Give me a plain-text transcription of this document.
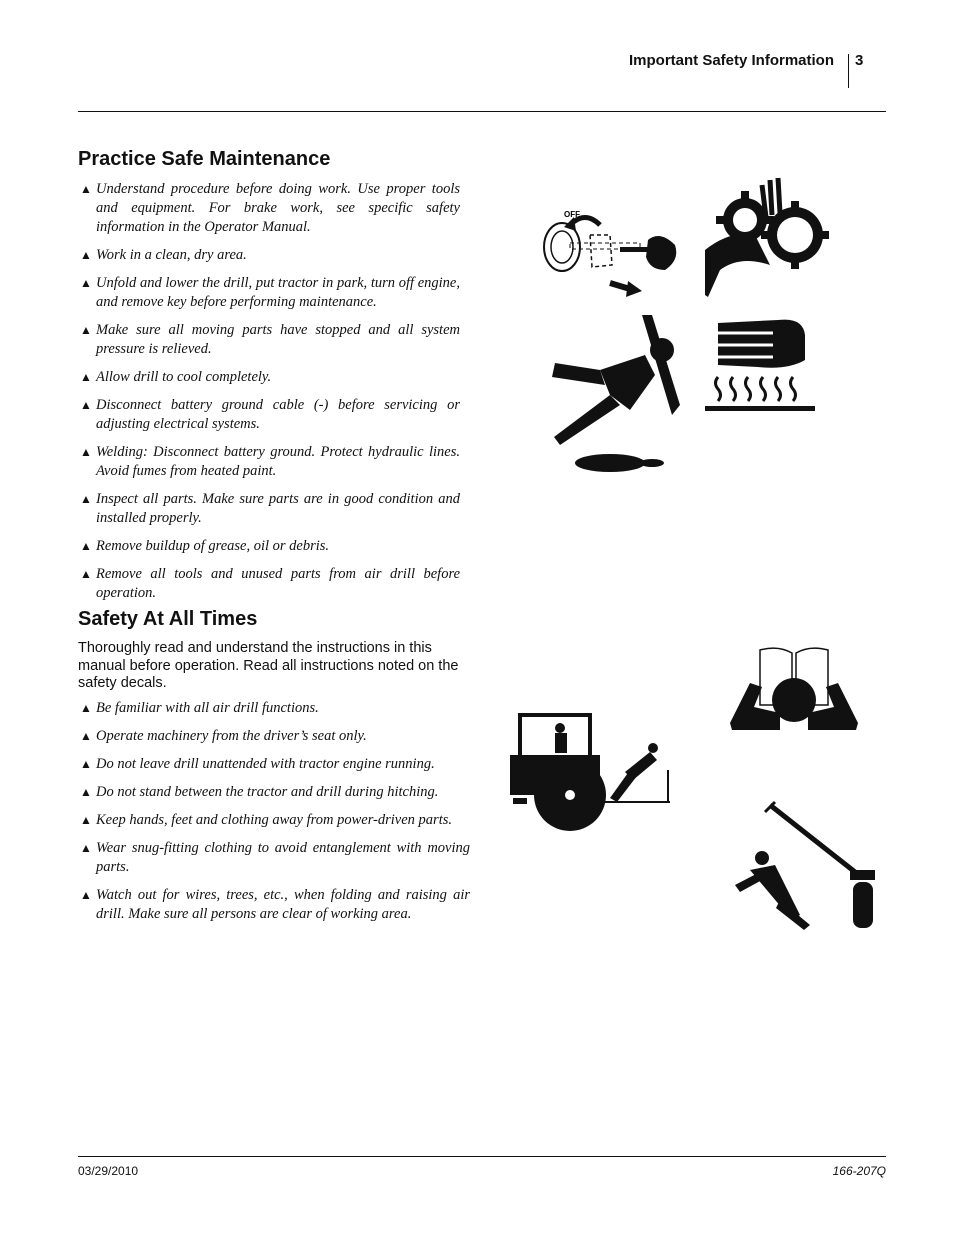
Important Safety Information 3
Practice Safe Maintenance
▲ Understand procedure before doing work. Use proper tools and equipment. For brake work, see specific safety information in the Operator Manual.
▲ Work in a clean, dry area.
▲ Unfold and lower the drill, put tractor in park, turn off engine, and remove key before performing maintenance.
▲ Make sure all moving parts have stopped and all system pressure is relieved.
▲ Allow drill to cool completely.
▲ Disconnect battery ground cable (-) before servicing or adjusting electrical systems.
▲ Welding: Disconnect battery ground. Protect hydraulic lines. Avoid fumes from heated paint.
▲ Inspect all parts. Make sure parts are in good condition and installed properly.
▲ Remove buildup of grease, oil or debris.
▲ Remove all tools and unused parts from air drill before operation.
Safety At All Times
Thoroughly read and understand the instructions in this manual before operation. Read all instructions noted on the safety decals.
▲ Be familiar with all air drill functions.
▲ Operate machinery from the driver’s seat only.
▲ Do not leave drill unattended with tractor engine running.
▲ Do not stand between the tractor and drill during hitching.
▲ Keep hands, feet and clothing away from power-driven parts.
▲ Wear snug-fitting clothing to avoid entanglement with moving parts.
▲ Watch out for wires, trees, etc., when folding and raising air drill. Make sure all persons are clear of working area.
OFF
03/29/2010	166-207Q
